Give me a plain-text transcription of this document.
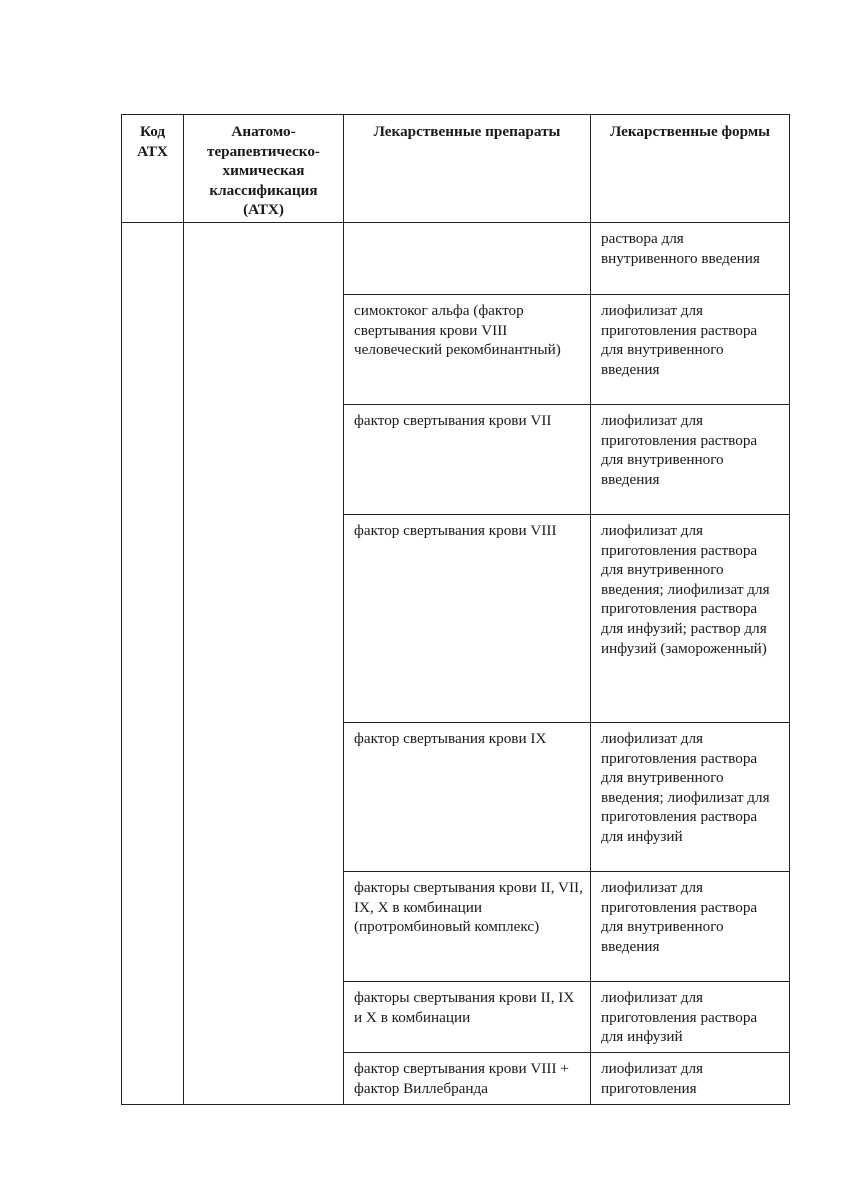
Код АТХ	Анатомо-терапевтическо-химическая классификация (АТХ)	Лекарственные препараты	Лекарственные формы

			раствора для внутривенного введения

		симоктоког альфа (фактор свертывания крови VIII человеческий рекомбинантный)	лиофилизат для приготовления раствора для внутривенного введения

		фактор свертывания крови VII	лиофилизат для приготовления раствора для внутривенного введения

		фактор свертывания крови VIII	лиофилизат для приготовления раствора для внутривенного введения; лиофилизат для приготовления раствора для инфузий; раствор для инфузий (замороженный)

		фактор свертывания крови IX	лиофилизат для приготовления раствора для внутривенного введения; лиофилизат для приготовления раствора для инфузий

		факторы свертывания крови II, VII, IX, X в комбинации (протромбиновый комплекс)	лиофилизат для приготовления раствора для внутривенного введения

		факторы свертывания крови II, IX и X в комбинации	лиофилизат для приготовления раствора для инфузий

		фактор свертывания крови VIII + фактор Виллебранда	лиофилизат для приготовления
